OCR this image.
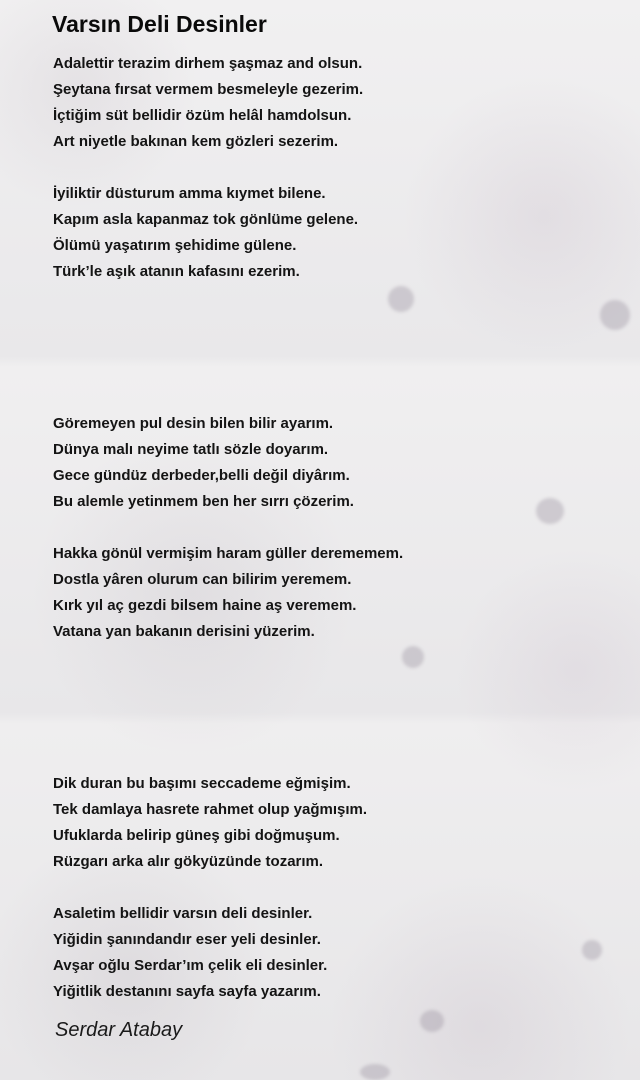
Varsın Deli Desinler
Adalettir terazim dirhem şaşmaz and olsun.
Şeytana fırsat vermem besmeleyle gezerim.
İçtiğim süt bellidir özüm helâl hamdolsun.
Art niyetle bakınan kem gözleri sezerim.
İyiliktir düsturum amma kıymet bilene.
Kapım asla kapanmaz tok gönlüme gelene.
Ölümü yaşatırım şehidime gülene.
Türk’le aşık atanın kafasını ezerim.
Göremeyen pul desin bilen bilir ayarım.
Dünya malı neyime tatlı sözle doyarım.
Gece gündüz derbeder,belli değil diyârım.
Bu alemle yetinmem ben her sırrı çözerim.
Hakka gönül vermişim haram güller derememem.
Dostla yâren olurum can bilirim yeremem.
Kırk yıl aç gezdi bilsem haine aş veremem.
Vatana yan bakanın derisini yüzerim.
Dik duran bu başımı seccademe eğmişim.
Tek damlaya hasrete rahmet olup yağmışım.
Ufuklarda belirip güneş gibi doğmuşum.
Rüzgarı arka alır gökyüzünde tozarım.
Asaletim bellidir varsın deli desinler.
Yiğidin şanındandır eser yeli desinler.
Avşar oğlu Serdar’ım çelik eli desinler.
Yiğitlik destanını sayfa sayfa yazarım.
Serdar Atabay
